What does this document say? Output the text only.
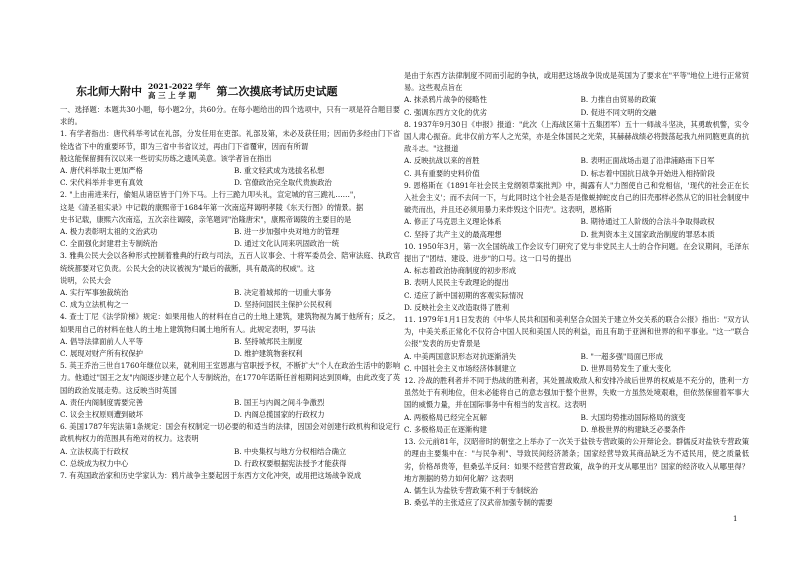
东北师大附中 2021-2022 学年
高 三 上 学 期	第二次摸底考试历史试题

一、选择题：本题共30小题，每小题2分，共60分。在每小题给出的四个选项中，只有一项是符合题目要求的。

1. 有学者指出：唐代科举考试在礼部，分发任用在吏部。礼部及第，未必及获任用；因而仍多经由门下省铨选省下中的重要环节，即为三省中书省议过，再由门下省覆审，因而有所谓

般这能保留拥有汉以来一些切实历练之遗风美意。该学者旨在指出

A. 唐代科举取士更加严格	B. 重文轻武成为选拔名私想
C. 宋代科举并非更有真效	D. 官僚政治完全取代贵族政治

2. "上由甫进来行，偷姐从诸臣皆于门外下马。上行三跪九叩头礼，宣定城的官三跪礼……"，

这是《清圣祖实录》中记载的康熙帝于1684年第一次南巡拜谒明孝陵《东天行图》的情景。据

史书记载，康熙六次南巡，五次亲往谒陵，亲笔题词"治隆唐宋"，康熙帝谒陵的主要目的是

A. 极力表彰明太祖的文治武功	B. 进一步加强中央对地方的管理
C. 全面强化封建君主专制统治	D. 通过文化认同来巩固政治一统

3. 雅典公民大会以各种形式控制着雅典的行政与司法，五百人议事会、十将军委员会、陪审法庭、执政官统统都要对它负责。公民大会的决议被视为"最后的裁断，具有最高的权威"。这

说明，公民大会

A. 实行军事独裁统治	B. 决定着城邦的一切重大事务
C. 成为立法机构之一	D. 坚持问国民主保护公民权利

4. 查士丁尼《法学阶梯》规定：如果用他人的材料在自己的土地上建筑，建筑物视为属于他所有；反之，如果用自己的材料在他人的土地上建筑物归属土地所有人。此规定表明，罗马法

A. 倡导法律面前人人平等	B. 坚持城邦民主制度
C. 展现对财产所有权保护	D. 维护建筑物套权利

5. 英王乔治三世自1760年继位以来，就利用王室恩惠与官职授予权，不断扩大"个人在政治生活中的影响力。他通过"国王之友"内阁逐步建立起个人专制统治，在1770年诺斯任首相期间达到顶峰，由此改变了英国的政治发展走势。这反映当时英国

A. 责任内阁制度需要完善	B. 国王与内阁之间斗争激烈
C. 议会主权原则遭到破坏	D. 内阁总揽国家的行政权力

6. 美国1787年宪法第1条规定：国会有权制定一切必要的和适当的法律，因国会对创建行政机构和设定行政机构权力的范围具有绝对的权力。这表明

A. 立法权高于行政权	B. 中央集权与地方分权相结合确立
C. 总统成为权力中心	D. 行政权要根据宪法授予才能获得

7. 有英国政治家和历史学家认为：鸦片战争主要起因于东西方文化冲突，或用把这场战争说成

是由于东西方法律制度不同而引起的争执，或用把这场战争说成是英国为了要求在"平等"地位上进行正常贸易。这些观点旨在

A. 抹杀鸦片战争的侵略性	B. 力推自由贸易的政策
C. 强调东西方文化的优劣	D. 促进不同文明的交融

8. 1937年9月30日《申报》报道："此次（上海战区第十五集团军）五十一师战斗坚决，其勇敢机警，实令国人肃心振奋。此非仅前方军人之光荣，亦是全体国民之光荣，其赫赫战绩必将鼓荡起我九州同胞更真的抗敌斗志。"这报道

A. 反映抗战以来的首胜	B. 表明正面战场击退了沿津浦路南下日军
C. 具有重要的史料价值	D. 标志着中国抗日战争开始进入相持阶段

9. 恩格斯在《1891年社会民主党纲领草案批判》中，揭露有人"力图使自己和党相信，'现代的社会正在长入社会主义'；而不去问一下，与此同时这个社会是否是像蜕掉蛇皮自己的旧壳那样必然从它的旧社会制度中破壳而出，并且还必须用暴力来炸毁这个旧壳"。这表明，恩格斯

A. 修正了马克思主义理论体系	B. 期待通过工人阶级的合法斗争取得政权
C. 坚持了共产主义的最高理想	D. 批判资本主义国家政治制度的罪恶本质

10. 1950年3月，第一次全国统战工作会议专门研究了党与非党民主人士的合作问题。在会议期间，毛泽东提出了"团结、建设、进步"的口号。这一口号的提出

A. 标志着政治协商制度的初步形成
B. 表明人民民主专政理论的提出
C. 适应了新中国初期的客观实际情况
D. 反映社会主义改造取得了胜利

11. 1979年1月1日发表的《中华人民共和国和美利坚合众国关于建立外交关系的联合公报》指出："双方认为，中美关系正常化不仅符合中国人民和美国人民的利益，而且有助于亚洲和世界的和平事业。"这一"联合公报"发表的历史背景是

A. 中美两国意识形态对抗逐渐消失	B. "一超多强"局面已形成
C. 中国社会主义市场经济体制建立	D. 世界局势发生了重大变化

12. 冷战的胜利者并不同于热战的胜利者，其处置战败敌人和安排冷战后世界的权威是不充分的，胜利一方虽然处于有利地位，但未必能将自己的意志强加于整个世界，失败一方虽然处境艰难，但依然保留着军事大国的威慑力量，并在国际事务中有相当的发言权。这表明

A. 两极格局已经完全瓦解	B. 大国均势推动国际格局的演变
C. 多极格局正在逐渐构建	D. 单极世界的构建缺乏必要条件

13. 公元前81年，汉昭帝时的朝堂之上举办了一次关于盐铁专营政策的公开辩论会。群儒反对盐铁专营政策的理由主要集中在："与民争利"、导致民间经济萧条；国家经营导致其商品缺乏为不适民用，使之质量低劣，价格昂贵等，但桑弘羊反问：如果不经营官营政策，战争的开支从哪里出？国家的经济收入从哪里得？地方割据的势力如何化解？这表明

A. 儒生认为盐铁专营政策不利于专制统治
B. 桑弘羊的主张适应了汉武帝加强专制的需要
1
